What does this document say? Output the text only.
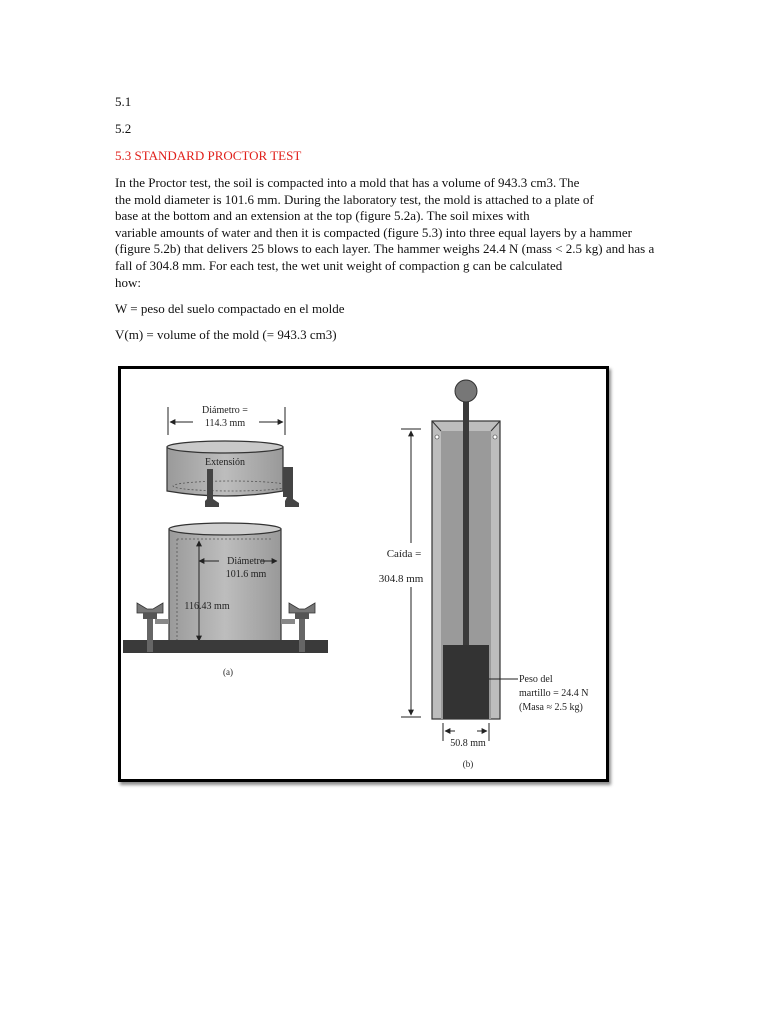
5.1
5.2
5.3 STANDARD PROCTOR TEST
In the Proctor test, the soil is compacted into a mold that has a volume of 943.3 cm3. The
the mold diameter is 101.6 mm. During the laboratory test, the mold is attached to a plate of
base at the bottom and an extension at the top (figure 5.2a). The soil mixes with
variable amounts of water and then it is compacted (figure 5.3) into three equal layers by a hammer
(figure 5.2b) that delivers 25 blows to each layer. The hammer weighs 24.4 N (mass < 2.5 kg) and has a
fall of 304.8 mm. For each test, the wet unit weight of compaction g can be calculated
how:
W = peso del suelo compactado en el molde
V(m) = volume of the mold (= 943.3 cm3)
Diámetro =
114.3 mm
Extensión
Diámetro
101.6 mm
116.43 mm
(a)
Caída =
304.8 mm
Peso del
martillo = 24.4 N
(Masa ≈ 2.5 kg)
50.8 mm
(b)
